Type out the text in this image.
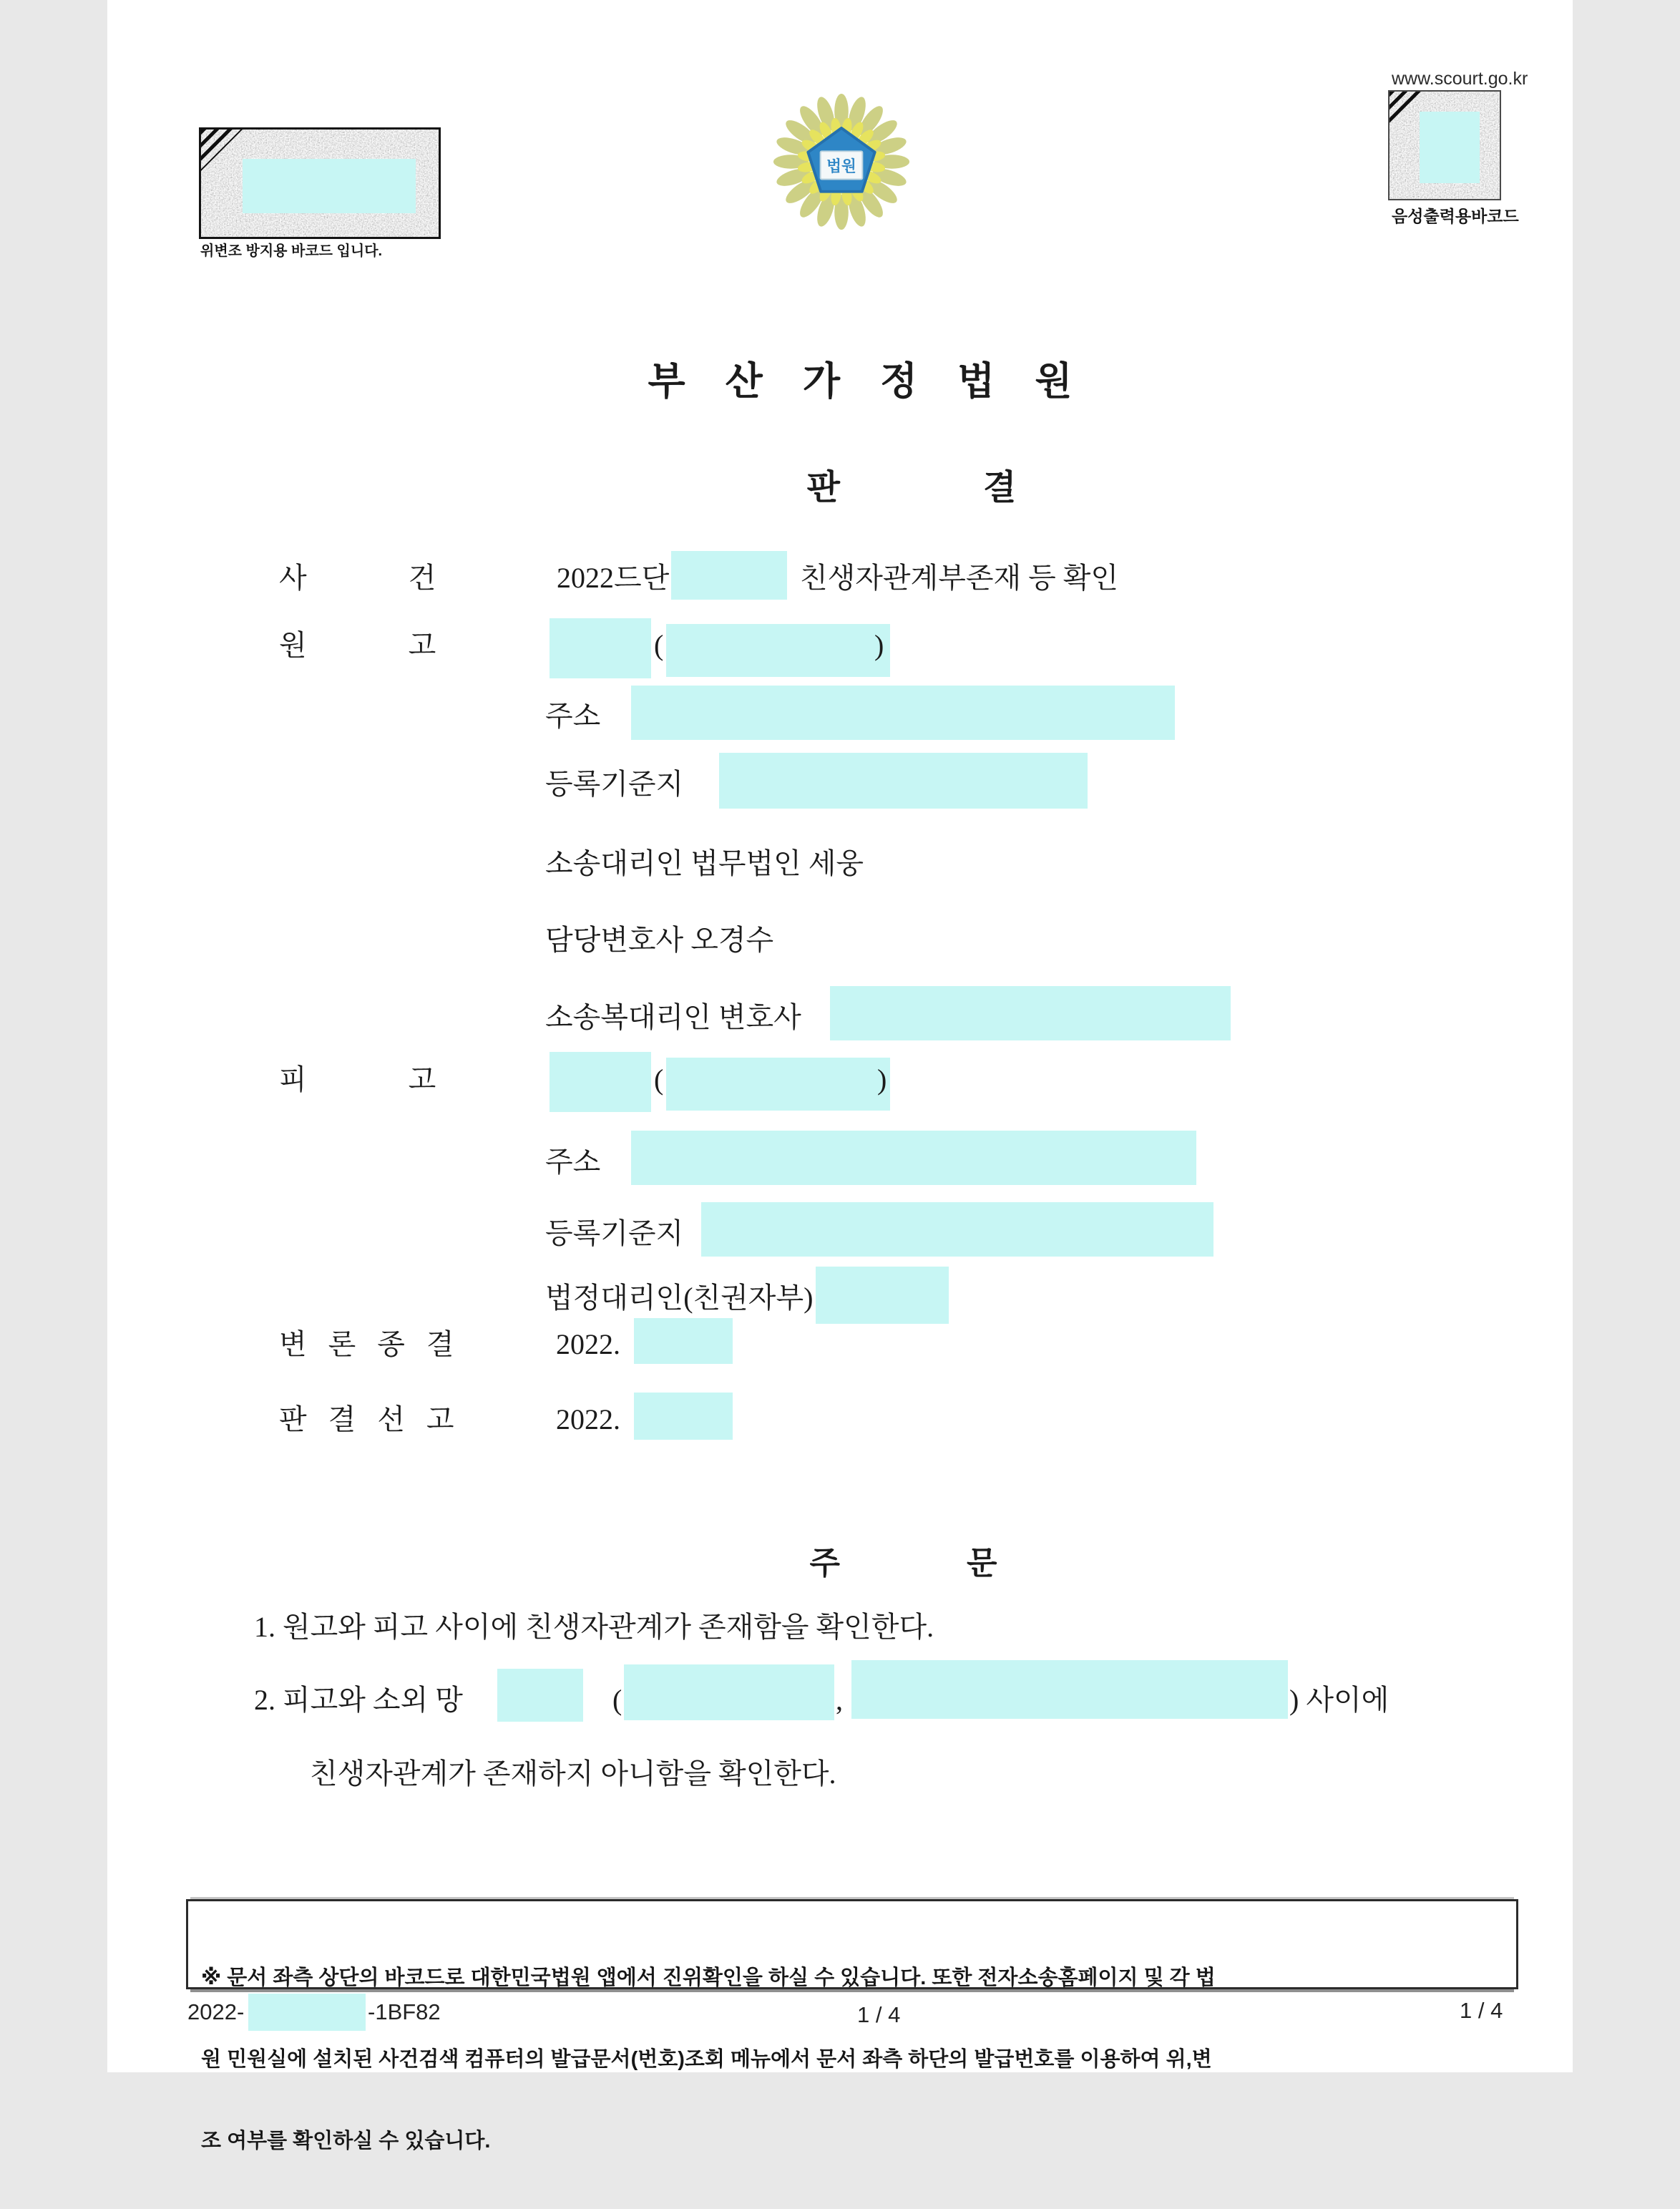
위변조 방지용 바코드 입니다.
법원
www.scourt.go.kr
음성출력용바코드
부산가정법원
판결
사건 2022드단	친생자관계부존재 등 확인
원고	(	)
주소
등록기준지
소송대리인 법무법인 세웅
담당변호사 오경수
소송복대리인 변호사
피고	(	)
주소
등록기준지
법정대리인(친권자부)
변론종결	2022.
판결선고	2022.
주문
1. 원고와 피고 사이에 친생자관계가 존재함을 확인한다.
2. 피고와 소외 망	(	,	) 사이에
친생자관계가 존재하지 아니함을 확인한다.

※ 문서 좌측 상단의 바코드로 대한민국법원 앱에서 진위확인을 하실 수 있습니다. 또한 전자소송홈페이지 및 각 법

원 민원실에 설치된 사건검색 컴퓨터의 발급문서(번호)조회 메뉴에서 문서 좌측 하단의 발급번호를 이용하여 위,변

조 여부를 확인하실 수 있습니다.

2022-	-1BF82	1 / 4	1 / 4
